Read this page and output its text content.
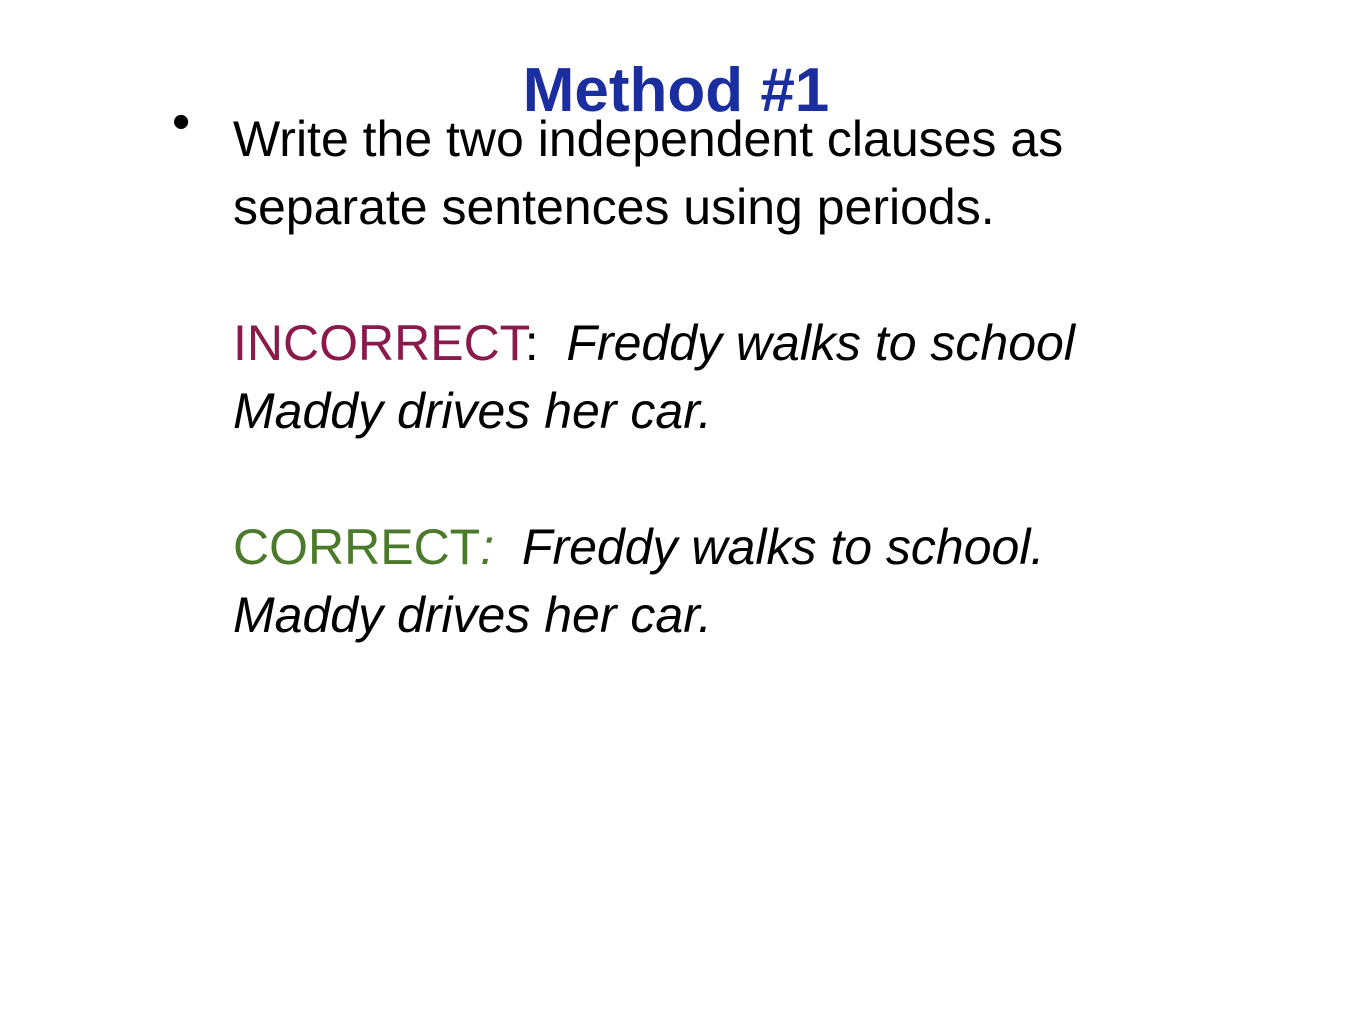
Method #1
• Write the two independent clauses as
separate sentences using periods.
INCORRECT: Freddy walks to school
Maddy drives her car.
CORRECT: Freddy walks to school.
Maddy drives her car.
